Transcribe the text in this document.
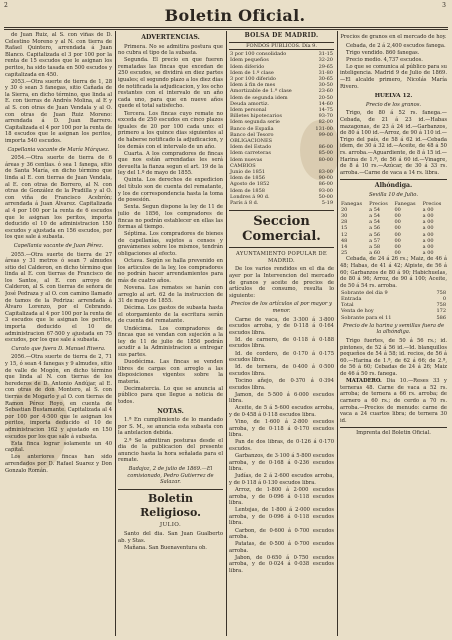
2
Boletin Oficial.
3

de Juan Ruiz, al S. con viñas de D. Celestino Moreno y al N. con tierra de Rafael Quintero, arrendada á Juan Blanco. Capitalizada el 3 por 100 por la renta de 15 escudos que le asignan los peritos, ha sido tasada en 500 escudos y capitalizada en 450.

2053.—Otra suerte de tierra de 1, 28 y 30 ó sean 3 fanegas, sitio Cañada de la Sierra, en dicho término, que linda al E. con tierras de Andrés Molina, al E y al S. con otras de Juan Vendala y al O. con otras de Juan Ruiz Moreno: arrendada á D. Juan Barrero. Capitalizada el 4 por 100 por la renta de 18 escudos que le asignan los peritos, importa 540 escudos.

Capellania vacante de María Márquez.

2054.—Otra suerte de tierra de 6 áreas y 36 centias. ó sea 1 fanega, sitio de Santa María, en dicho término que linda al E. con tierras de Juan Vendala, al E. con otras de Borrero, al N. con otras de González de la Pradilla y al O. con viña de Francisco Acebrón; arrendada á Juan Álvarez. Capitalizada al 4 por 100 por la renta de 6 escudos que le asignan los peritos, importa deducido el 10 de administracion 150 escudos y ajustada en 156 escudos, por los que sale á subasta.

Capellania vacante de Juan Pérez.

2055.—Otra suerte de tierra de 27 áreas y 31 metros ó sean 7 almudes sitio del Calderon, en dicho término que linda al E. con tierras de Francisco de los Santos, al E. con arroyo de Calderon, al S. con tierras de señora de José Pedraza y al O. con camino llamado de tamos de la Pedriza: arrendada á Álvaro Lorenzo, por el Cebrando. Capitalizada al 4 por 100 por la renta de 3 escudos que le asignan los peritos, importa deducido el 10 de administracion 67·500 y ajustada en 75 escudos, por los que sale á subasta.

Curato que fuera D. Manuel Rivera.

2056.—Otra suerte de tierra de 2, 71 y 15, ó sean 4 fanegas y 9 almudes, sitio de valle de Mogón, en dicho término que linda al N. con tierras de los herederos de D. Antonio Andújar, al E. con otras de don Montero, al S. con tierras de Mogarlo y al O. con tierras de Ramon Pérez Royo, en cuenta de Sebastian Bustamante. Capitalizada al 4 por 100 por 4·500 que le asignan los peritos, importa deducido el 10 de administracion 162 y ajustado en 150 escudos por los que sale á subasta.

Esta finca lograr solamente un 40 capital.

Los anteriores fincas han sido arrendados por D. Rafael Suarez y Don Gonzalo Román.

ADVERTENCIAS.

Primera. No se admitira postura que no cubra el tipo de la subasta.

Segunda. El precio en que fueren rematadas las fincas que excedan de 250 escudos, se dividirá en diez partes iguales; el segundo plazo a los diez dias de notificada la adjudicacion, y los ocho restantes con el intervalo de un año cada uno, para que en nueve años quede el total satisfecho.

Tercera. Los fincas cuyo remate no exceda de 250 escudos en cinco plazos iguales de 20 por 100 cada uno: el primero a los quince dias siguientes al de haberse notificado la adjudicacion, y los demás con el intervalo de un año.

Cuarta. A los compradores de fincas que nos están arrendadas les será devuelta la fianza segun el art. 19 de la ley del 1.º de mayo de 1855.

Quinta. Los derechos de expedicion del título son de cuenta del rematante, y los de correspondencia hasta la toma de posesión.

Sexta. Segun dispone la ley de 11 de julio de 1856, los compradores de fincas no podrán establecer en ellas las formas al tiempo.

Séptima. Los compradores de bienes de capellanías, sujetos a censos y gravámenes sobre los mismos, tendrán obligaciones al efecto.

Octava. Según se halla prevenido en los articulos de la ley, los compradores no podrán hacer arrendamientos para más de cuatro años.

Novena. Los remates se harán con arreglo al art. 62 de la instruccion de 31 de mayo de 1855.

Décima. Los gastos de subasta hasta el otorgamiento de la escritura serán de cuenta del rematante.

Undécima. Los compradores de fincas que se vendan con sujeción a la ley de 11 de julio de 1856 podrán acudir a la Administracion a entregar sus partes.

Duodécima. Las fincas se venden libres de cargas con arreglo a las disposiciones vigentes sobre la materia.

Decimatercia. Lo que se anuncia al público para que llegue a noticia de todos.

NOTAS.

1.ª En cumplimiento de lo mandado por S. M., se anuncia esta subasta con la antelacion debida.

2.ª Se admitiran posturas desde el dia de la publicacion del presente anuncio hasta la hora señalada para el remate.

Badajoz, 2 de julio de 1869.—El comisionado, Pedro Gutierrez de Salazar.

Boletin Religioso.
JULIO.

Santo del dia. San Juan Gualberto ab. y Stas.

Mañana. San Buenaventura ob.

BOLSA DE MADRID.
FONDOS PÚBLICOS. Día 9.
3 por 100 consolidado	31-15
Idem pequeños	32-20
Idem diferido	29-65
Idem de 1.º clase	31-80
3 por 100 diferido	30-65
Idem á fin de mes	30-50
Amortizable de 1.ª clase	23-60
Idem de segunda idem	20-50
Deuda amortiz.	14-60
Idem personal	14-75
Billetes hipotecarios	93-70
Idem segunda serie	82-00
Banco de España	131-00
Banco del Tesoro	99-00
OBLIGACIONES	
Idem del Estado	86-00
Idem carreteras	85-00
Idem nuevas	80-00
CAMBIOS	
Junio de 1851	83-00
Idem de 1856	90-00
Agosto de 1852	86-00
Idem de 1858	93-00
Londres á 90 d.	50-00
París á 8 d.	5-19
Seccion Comercial.

AYUNTAMIENTO POPULAR DE MADRID.

De los varios rendidos en el dia de ayer por la Intervencion del mercado de granos y aceite de precios de artículos de consumo, resulta lo siguiente:

Precios de los artículos al por mayor y menor.

Carne de vaca, de 3·300 á 3·800 escudos arroba, y de 0·118 á 0·164 escudos libra.

Id. de carnero, de 0·118 á 0·188 escudos libra.

Id. de cordero, de 0·170 á 0·175 escudos libra.

Id. de ternera, de 0·400 á 0·500 escudos libra.

Tocino añejo, de 0·370 á 0·394 escudos libra.

Jamon, de 5·500 á 6·000 escudos libra.

Aceite, de 5 á 5·600 escudos arroba, y de 0·458 á 0·118 escudos libra.

Vino, de 1·600 á 2·800 escudos arroba, y de 0·118 á 0·170 escudos libra.

Pan de dos libras, de 0·126 á 0·170 escudos.

Garbanzos, de 3·100 á 5·800 escudos arroba, y de 0·168 á 0·236 escudos libra.

Judías, de 2 á 2·600 escudos arroba, y de 0·118 á 0·130 escudos libra.

Arroz, de 1·800 á 2·000 escudos arroba, y de 0·096 á 0·118 escudos libra.

Lentejas, de 1·800 á 2·000 escudos arroba, y de 0·096 á 0·118 escudos libra.

Carbon, de 0·600 á 0·700 escudos arroba.

Patatas, de 0·500 á 0·700 escudos arroba.

Jabon, de 0·650 á 0·750 escudos arroba, y de 0·024 á 0·038 escudos libra.

Precios de granos en el mercado de hoy.

Cebada, de 2 á 2,400 escudos fanega.

Trigo vendido. 860 fanegas.

Precio medio. 4,737 escudos.

Lo que se comunica al público para su inteligencia. Madrid 9 de Julio de 1869.—El alcalde primero, Nicolás María Rivero.

HUELVA 12.

Precio de los granos.

Trigo, de 80 á 52 rs. fanega.—Cebada, de 21 á 23 id.—Habas mazagonas, de 23 á 24 id.—Garbanzos, de 80 á 100 id.—Arroz, de 90 á 110 id.—Trigo del país, de 58 á 62 id.—Cebada idem, de 30 á 32 id.—Aceite, de 48 á 50 rs. arroba.—Aguardiente, de 8 á 15 id.—Harina de 1.ª, de 56 á 60 id.—Vinagre, de 8 á 10 rs.—Azúcar, de 30 á 33 rs. arroba.—Carne de vaca a 14 rs. libra.

Alhóndiga.

Sevilla 10 de Julio.

Fanegas	Precios	Fanegas	Precios
20	a 54	00	a 00
30	a 54	00	a 00
28	a 54	00	a 00
15	a 56	00	a 00
12	a 56	00	a 00
48	a 57	00	a 00
14	a 58	00	a 00
25	a 60	00	a 00

Cebada, de 24 á 26 rs.; Maiz, de 46 á 48; Habas, de 41 á 42; Alpiste, de 56 á 60; Garbanzos de 80 á 90; Habichuelas, de 80 á 96; Arroz, de 90 á 100; Aceite, de 50 á 54 rs. arroba.

Sobrante del dia 9	758
Entrada	0
Total	758
Venta de hoy	172
Sobrante para el 11	586

Precio de la harina y semillas fuera de la alhóndiga.

Trigo fuertes, de 50 á 56 rs.; id. pintones, de 52 á 56 id.—Id. blanquillos pequeños de 54 á 58; id. recios, de 56 á 60.—Harina de 1.ª, de 62 á 66; de 2.ª, de 56 á 60; Cebadas de 24 á 26; Maiz de 46 á 50 rs. fanega.

MATADERO. Dia 10.—Reses 33 y terneras 48. Carne de vaca a 52 rs. arroba; de ternera a 66 rs. arroba; de carnero a 60 rs.; de cerdo a 70 rs. arroba.—Precios de menudo: carne de vaca a 24 cuartos libra; de ternera 30 id.

Imprenta del Boletin Oficial.
